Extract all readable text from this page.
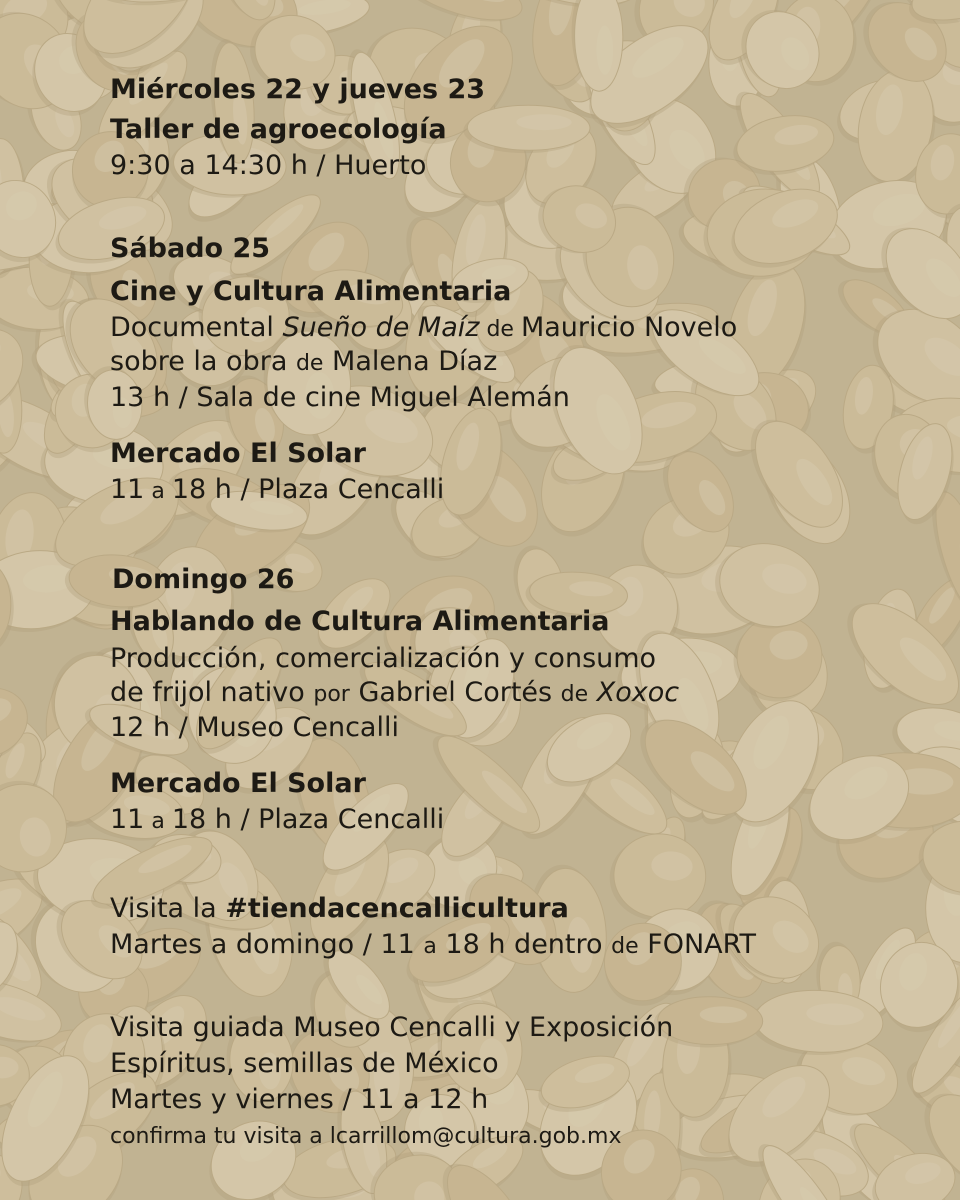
Miércoles 22 y jueves 23
Taller de agroecología
9:30 a 14:30 h / Huerto
Sábado 25
Cine y Cultura Alimentaria
Documental Sueño de Maíz de Mauricio Novelo
sobre la obra de Malena Díaz
13 h / Sala de cine Miguel Alemán
Mercado El Solar
11 a 18 h / Plaza Cencalli
Domingo 26
Hablando de Cultura Alimentaria
Producción, comercialización y consumo
de frijol nativo por Gabriel Cortés de Xoxoc
12 h / Museo Cencalli
Mercado El Solar
11 a 18 h / Plaza Cencalli
Visita la #tiendacencallicultura
Martes a domingo / 11 a 18 h dentro de FONART
Visita guiada Museo Cencalli y Exposición
Espíritus, semillas de México
Martes y viernes / 11 a 12 h
confirma tu visita a lcarrillom@cultura.gob.mx
